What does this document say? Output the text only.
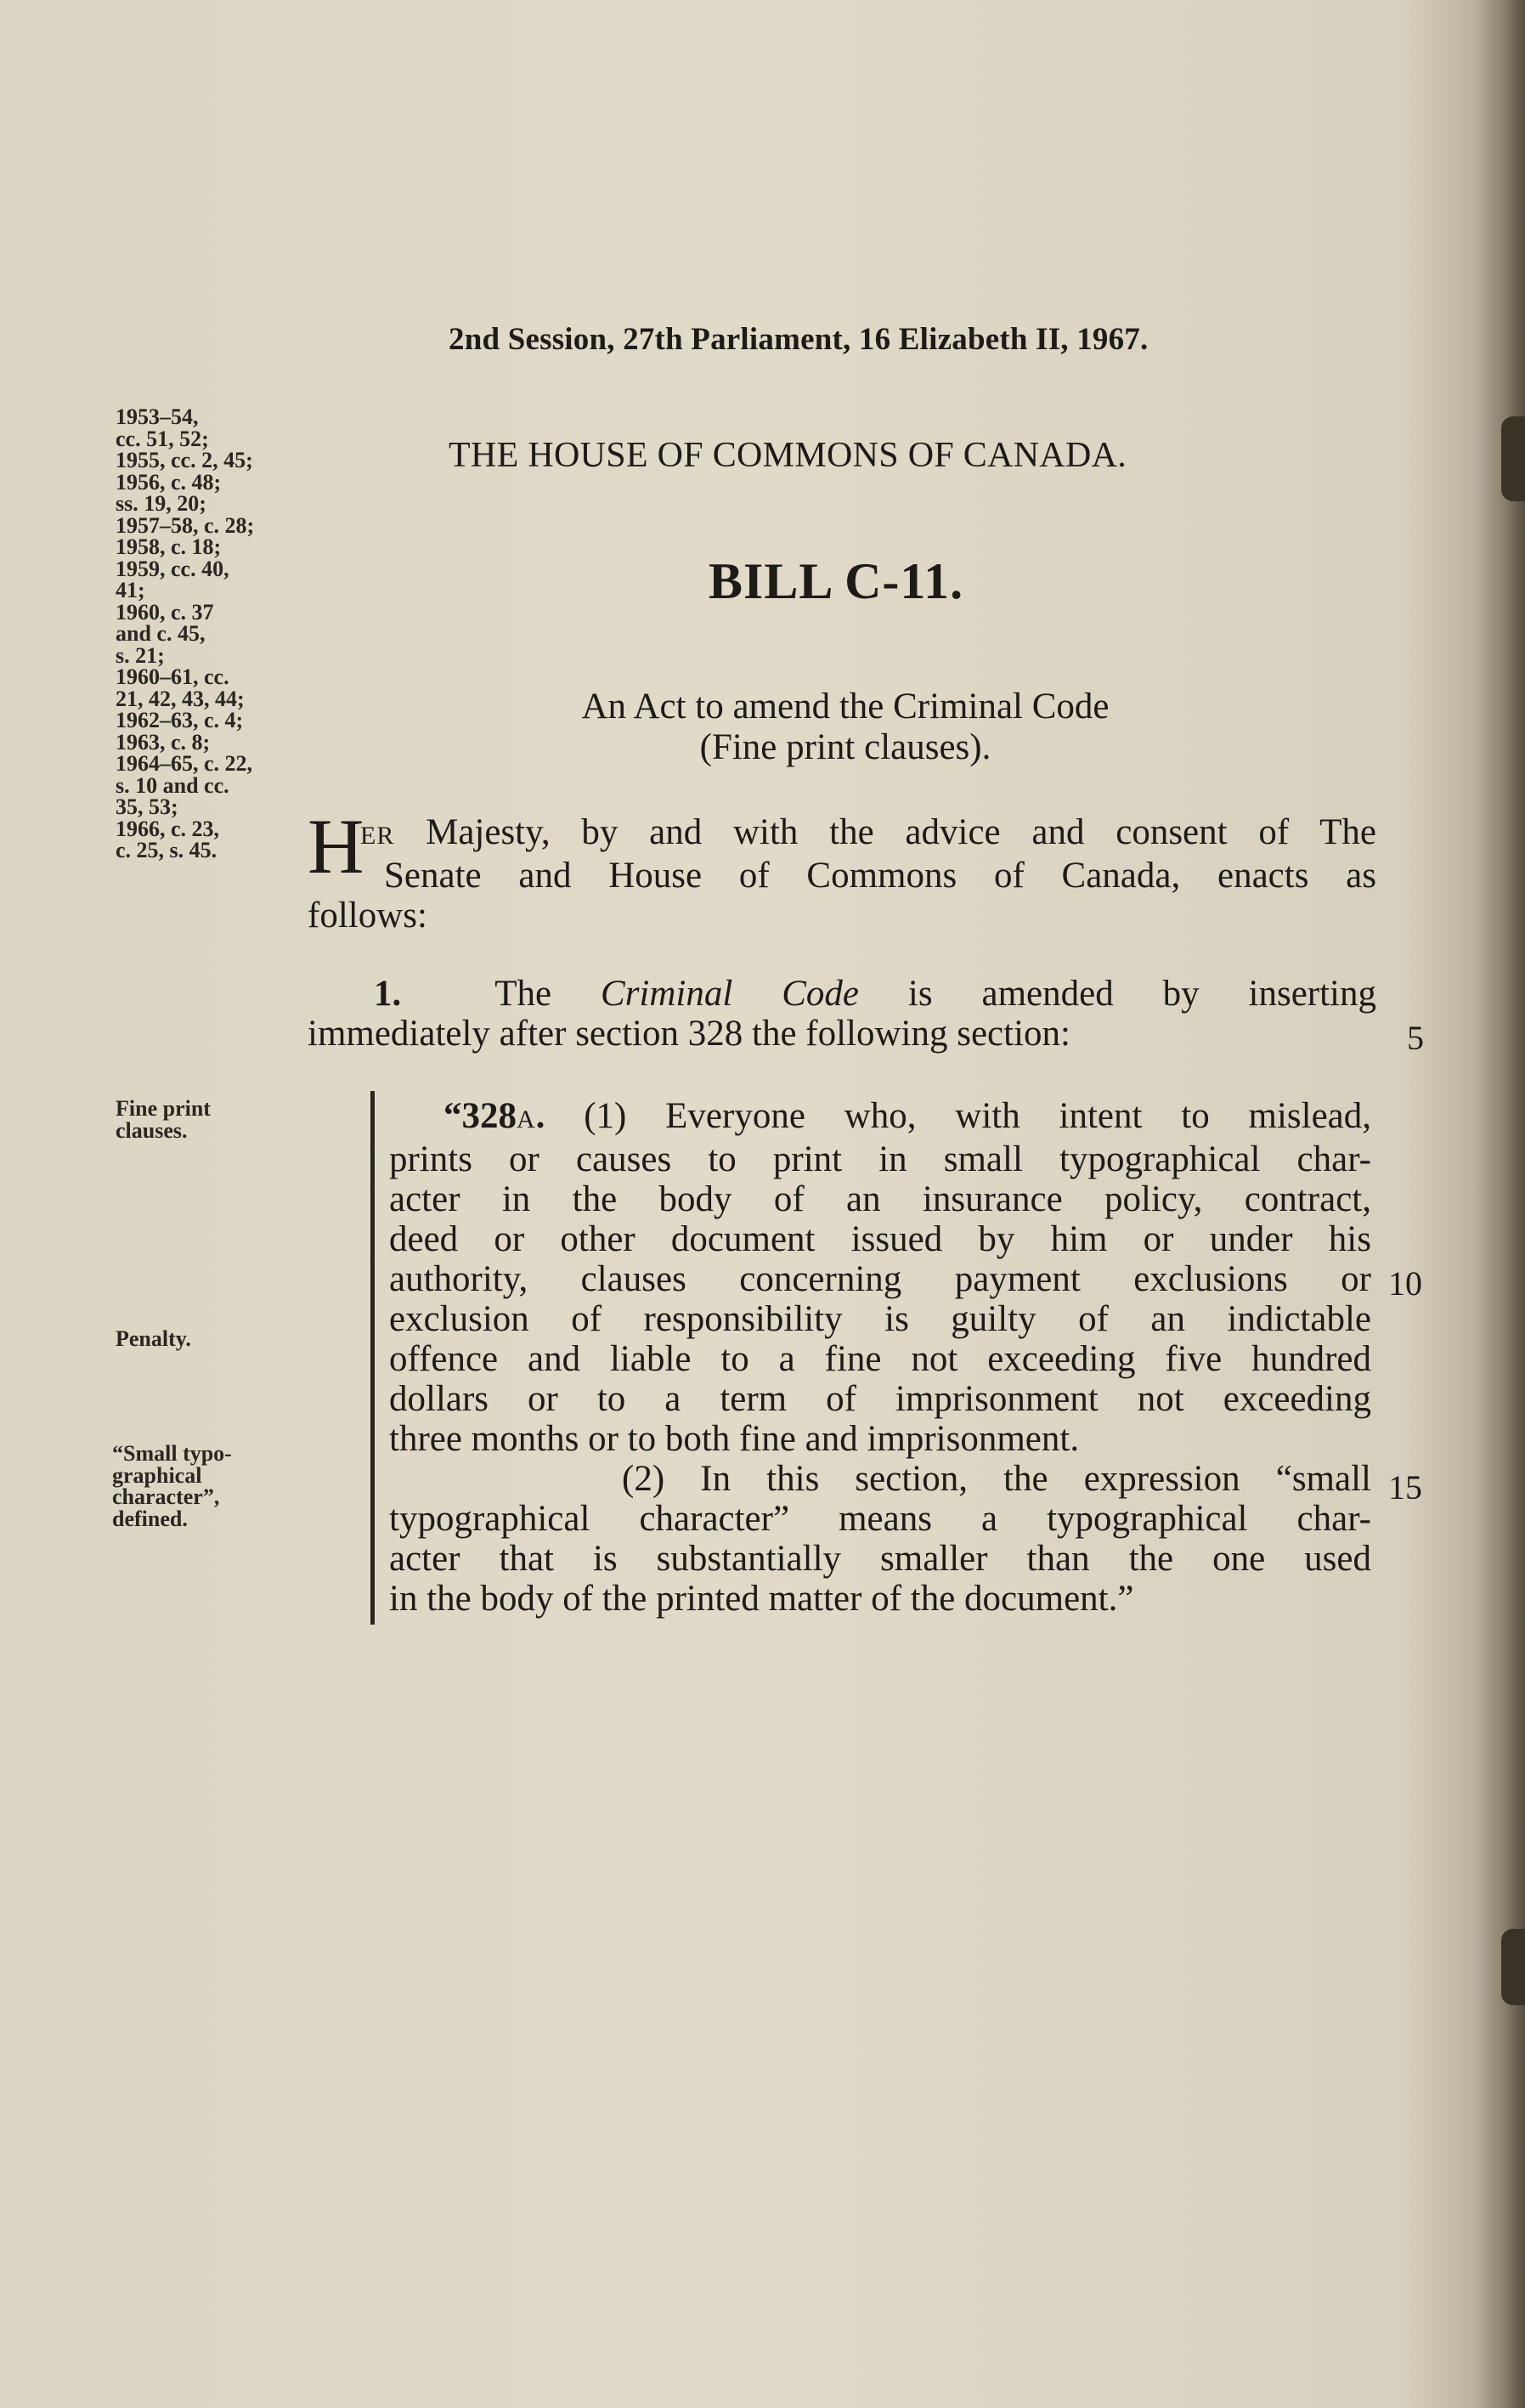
2nd Session, 27th Parliament, 16 Elizabeth II, 1967.
THE HOUSE OF COMMONS OF CANADA.
BILL C-11.
An Act to amend the Criminal Code
(Fine print clauses).
1953–54,
cc. 51, 52;
1955, cc. 2, 45;
1956, c. 48;
ss. 19, 20;
1957–58, c. 28;
1958, c. 18;
1959, cc. 40,
41;
1960, c. 37
and c. 45,
s. 21;
1960–61, cc.
21, 42, 43, 44;
1962–63, c. 4;
1963, c. 8;
1964–65, c. 22,
s. 10 and cc.
35, 53;
1966, c. 23,
c. 25, s. 45.	H
ER Majesty, by and with the advice and consent of The
Senate and House of Commons of Canada, enacts as
follows:
1.	The Criminal Code is amended by inserting
immediately after section 328 the following section:	5
“328A. (1) Everyone who, with intent to mislead,
prints or causes to print in small typographical char-
acter in the body of an insurance policy, contract,
deed or other document issued by him or under his
authority, clauses concerning payment exclusions or
exclusion of responsibility is guilty of an indictable
offence and liable to a fine not exceeding five hundred
dollars or to a term of imprisonment not exceeding
three months or to both fine and imprisonment.
(2) In this section, the expression “small
typographical character” means a typographical char-
acter that is substantially smaller than the one used
in the body of the printed matter of the document.”
10
15
Fine print
clauses.
Penalty.
“Small typo-
graphical
character”,
defined.
